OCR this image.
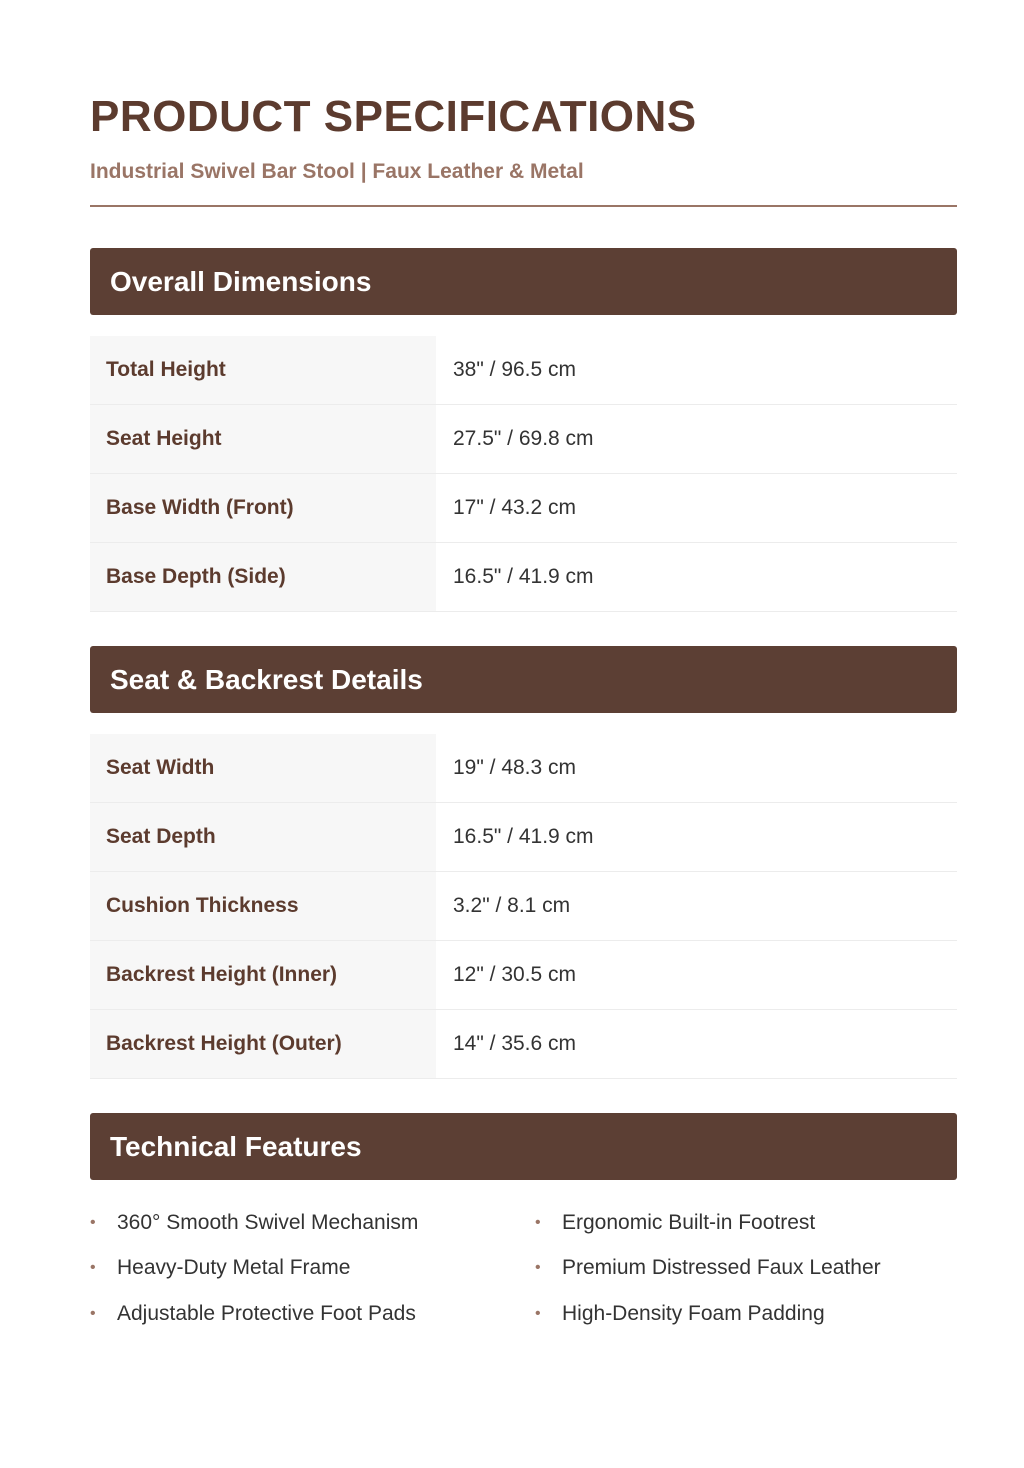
PRODUCT SPECIFICATIONS
Industrial Swivel Bar Stool | Faux Leather & Metal
Overall Dimensions
Total Height	38" / 96.5 cm
Seat Height	27.5" / 69.8 cm
Base Width (Front)	17" / 43.2 cm
Base Depth (Side)	16.5" / 41.9 cm
Seat & Backrest Details
Seat Width	19" / 48.3 cm
Seat Depth	16.5" / 41.9 cm
Cushion Thickness	3.2" / 8.1 cm
Backrest Height (Inner)	12" / 30.5 cm
Backrest Height (Outer)	14" / 35.6 cm
Technical Features
•	360° Smooth Swivel Mechanism	•	Ergonomic Built-in Footrest
•	Heavy-Duty Metal Frame	•	Premium Distressed Faux Leather
•	Adjustable Protective Foot Pads	•	High-Density Foam Padding
